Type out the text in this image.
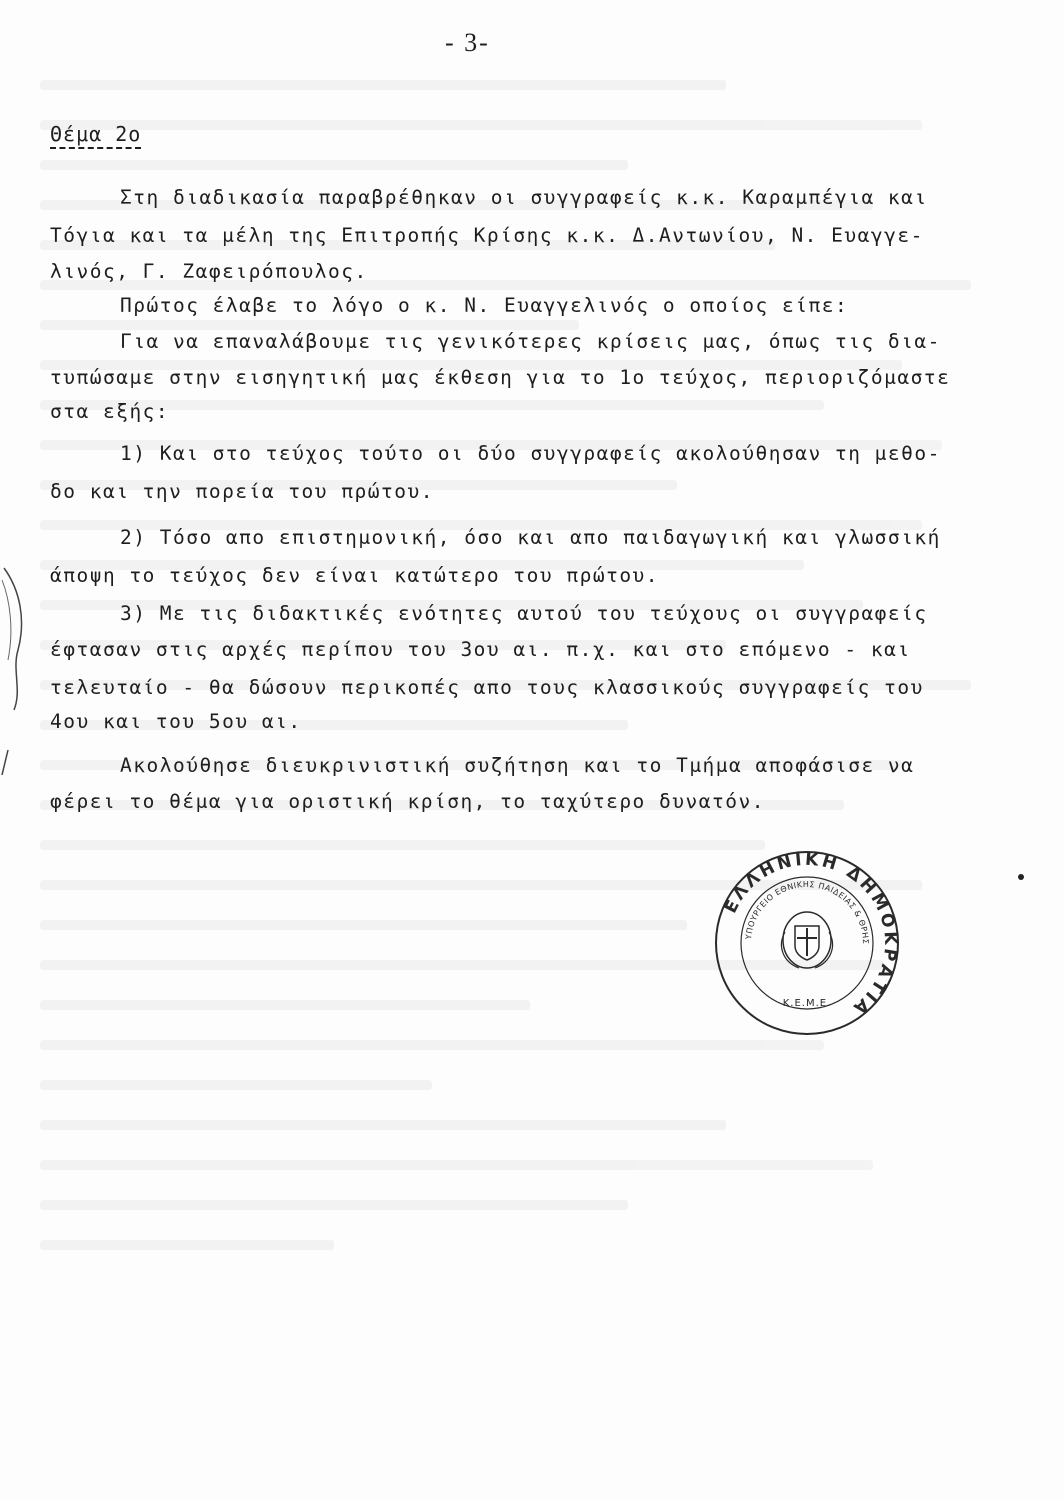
- 3-
Θέμα 2ο
Στη διαδικασία παραβρέθηκαν οι συγγραφείς κ.κ. Καραμπέγια και
Τόγια και τα μέλη της Επιτροπής Κρίσης κ.κ. Δ.Αντωνίου, Ν. Ευαγγε-
λινός, Γ. Ζαφειρόπουλος.
Πρώτος έλαβε το λόγο ο κ. Ν. Ευαγγελινός ο οποίος είπε:
Για να επαναλάβουμε τις γενικότερες κρίσεις μας, όπως τις δια-
τυπώσαμε στην εισηγητική μας έκθεση για το 1ο τεύχος, περιοριζόμαστε
στα εξής:
1) Και στο τεύχος τούτο οι δύο συγγραφείς ακολούθησαν τη μεθο-
δο και την πορεία του πρώτου.
2) Τόσο απο επιστημονική, όσο και απο παιδαγωγική και γλωσσική
άποψη το τεύχος δεν είναι κατώτερο του πρώτου.
3) Με τις διδακτικές ενότητες αυτού του τεύχους οι συγγραφείς
έφτασαν στις αρχές περίπου του 3ου αι. π.χ. και στο επόμενο - και
τελευταίο - θα δώσουν περικοπές απο τους κλασσικούς συγγραφείς του
4ου και του 5ου αι.
Ακολούθησε διευκρινιστική συζήτηση και το Τμήμα αποφάσισε να
φέρει το θέμα για οριστική κρίση, το ταχύτερο δυνατόν.
ΕΛΛΗΝΙΚΗ ΔΗΜΟΚΡΑΤΙΑ
ΥΠΟΥΡΓΕΙΟ ΕΘΝΙΚΗΣ ΠΑΙΔΕΙΑΣ & ΘΡΗΣ
Κ.Ε.Μ.Ε.
